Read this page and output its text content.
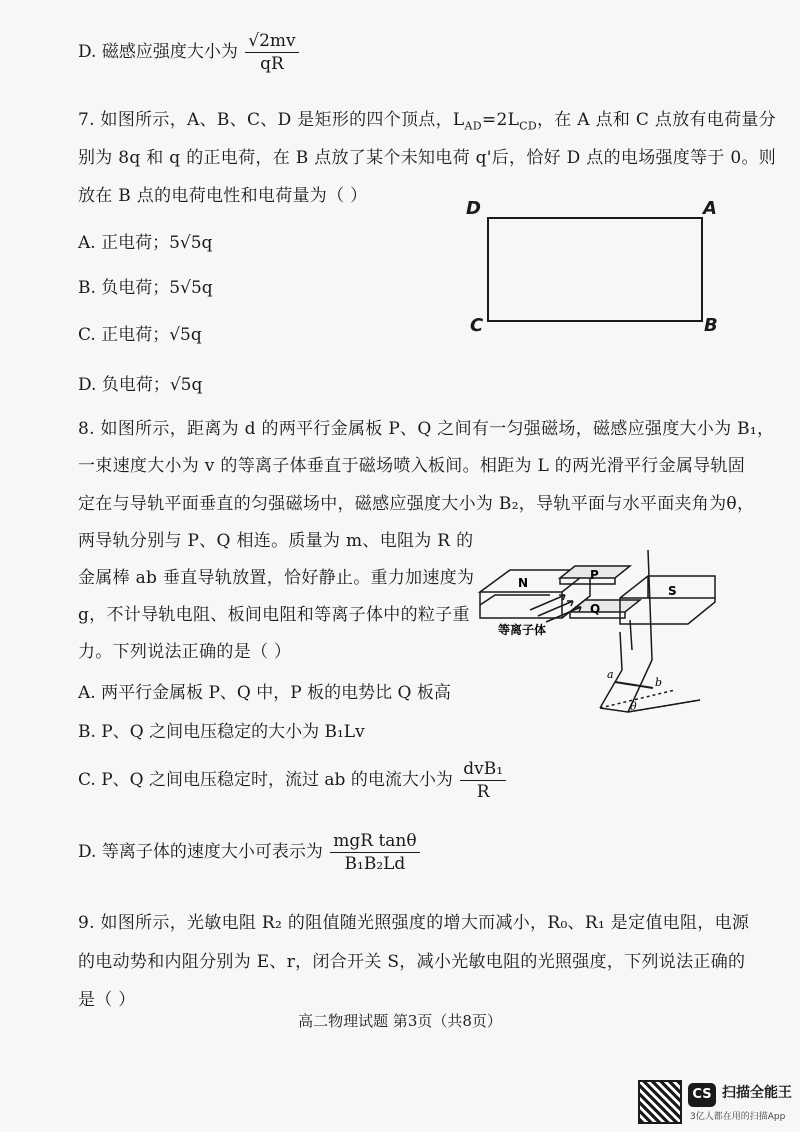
D. 磁感应强度大小为 $\frac{√2mv}{qR}$
7. 如图所示，A、B、C、D 是矩形的四个顶点，$L_{AD}=2L_{CD}$，在 A 点和 C 点放有电荷量分
别为 8q 和 q 的正电荷，在 B 点放了某个未知电荷 q'后，恰好 D 点的电场强度等于 0。则
放在 B 点的电荷电性和电荷量为（ ）
A. 正电荷；5√5q
B. 负电荷；5√5q
C. 正电荷；√5q
D. 负电荷；√5q
D	A
C	B
8. 如图所示，距离为 d 的两平行金属板 P、Q 之间有一匀强磁场，磁感应强度大小为 B₁，
一束速度大小为 v 的等离子体垂直于磁场喷入板间。相距为 L 的两光滑平行金属导轨固
定在与导轨平面垂直的匀强磁场中，磁感应强度大小为 B₂，导轨平面与水平面夹角为θ，
两导轨分别与 P、Q 相连。质量为 m、电阻为 R 的
金属棒 ab 垂直导轨放置，恰好静止。重力加速度为
g，不计导轨电阻、板间电阻和等离子体中的粒子重
力。下列说法正确的是（ ）
A. 两平行金属板 P、Q 中，P 板的电势比 Q 板高
B. P、Q 之间电压稳定的大小为 B₁Lv
C. P、Q 之间电压稳定时，流过 ab 的电流大小为 $\frac{\text{dvB₁}}{R}$
D. 等离子体的速度大小可表示为 $\frac{\text{mgR tanθ}}{\text{B₁B₂Ld}}$
N
P
Q
S
等离子体
a
b
θ
9. 如图所示，光敏电阻 R₂ 的阻值随光照强度的增大而减小，R₀、R₁ 是定值电阻，电源
的电动势和内阻分别为 E、r，闭合开关 S，减小光敏电阻的光照强度，下列说法正确的
是（ ）
高二物理试题 第3页（共8页）
CS 扫描全能王
3亿人都在用的扫描App
